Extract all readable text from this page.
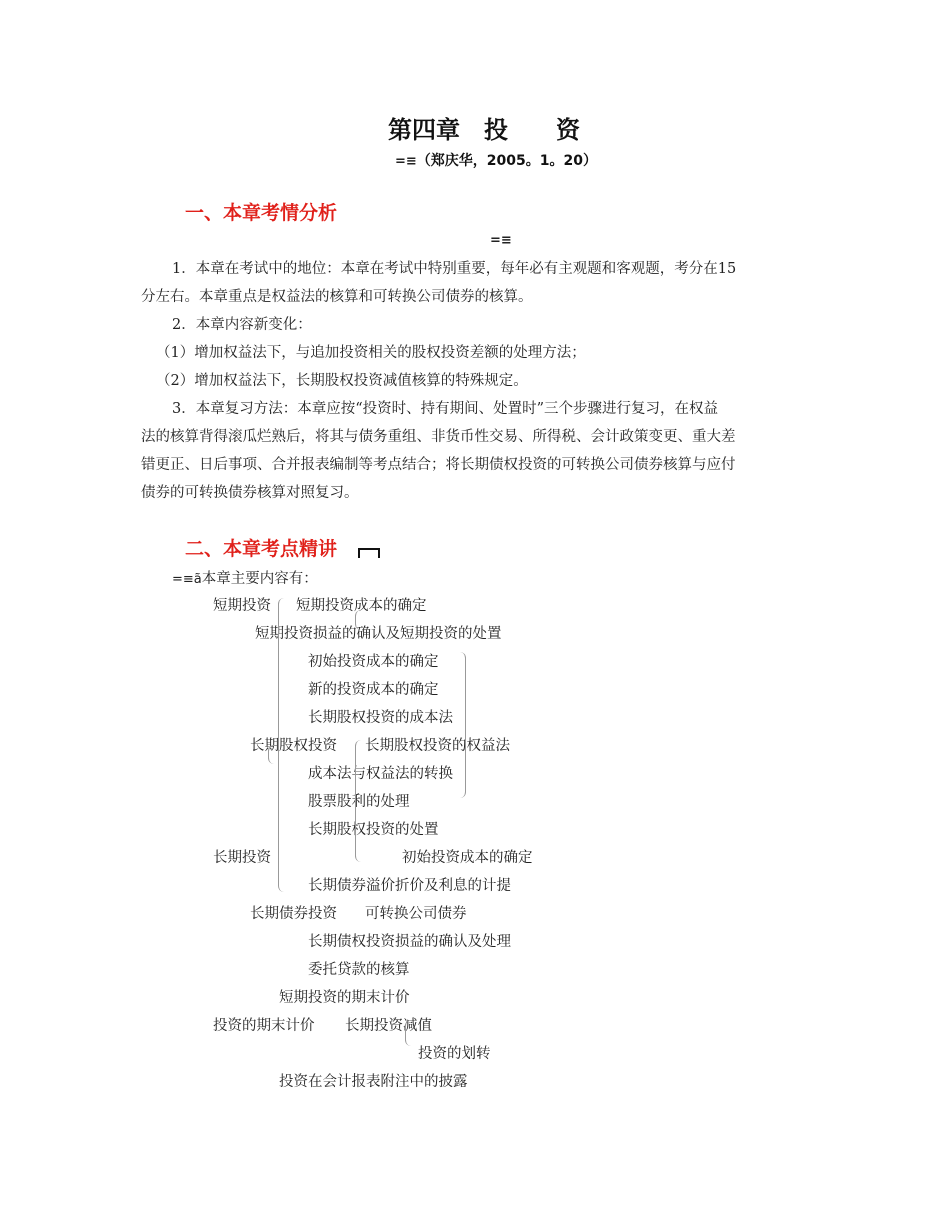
第四章　投　　资
=≡（郑庆华，2005。1。20）
一、本章考情分析
=≡
1．本章在考试中的地位：本章在考试中特别重要，每年必有主观题和客观题，考分在15
分左右。本章重点是权益法的核算和可转换公司债券的核算。
2．本章内容新变化：
（1）增加权益法下，与追加投资相关的股权投资差额的处理方法；
（2）增加权益法下，长期股权投资减值核算的特殊规定。
3．本章复习方法：本章应按“投资时、持有期间、处置时”三个步骤进行复习，在权益
法的核算背得滚瓜烂熟后，将其与债务重组、非货币性交易、所得税、会计政策变更、重大差
错更正、日后事项、合并报表编制等考点结合；将长期债权投资的可转换公司债券核算与应付
债券的可转换债券核算对照复习。
二、本章考点精讲
=≡ã本章主要内容有：
短期投资 短期投资成本的确定
短期投资损益的确认及短期投资的处置
初始投资成本的确定
新的投资成本的确定
长期股权投资的成本法
长期股权投资 长期股权投资的权益法
成本法与权益法的转换
股票股利的处理
长期股权投资的处置
长期投资	初始投资成本的确定
长期债券溢价折价及利息的计提
长期债券投资 可转换公司债券
长期债权投资损益的确认及处理
委托贷款的核算
短期投资的期末计价
投资的期末计价 长期投资减值
投资的划转
投资在会计报表附注中的披露
